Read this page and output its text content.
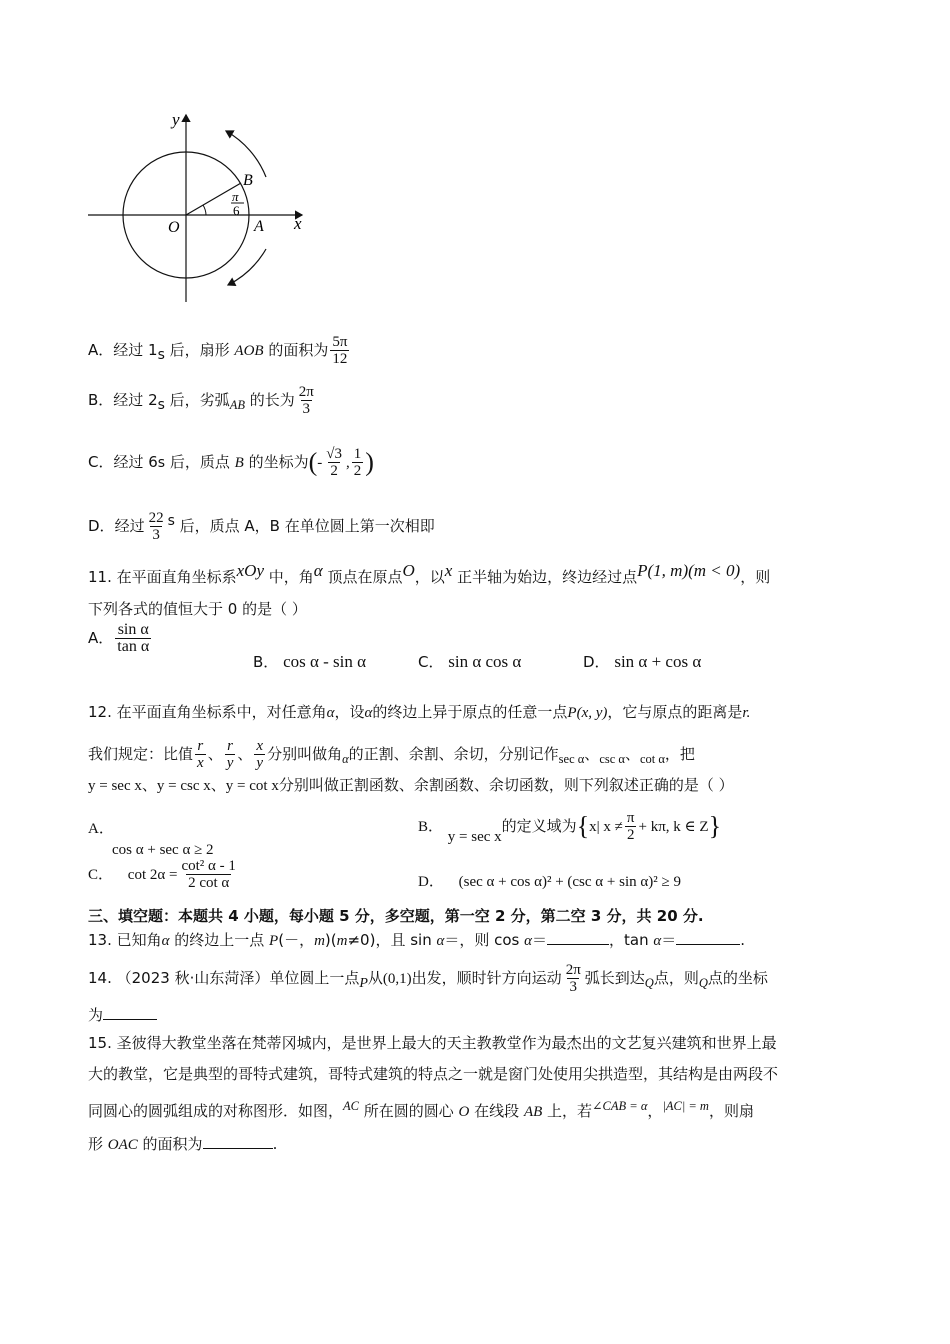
y
x
O	A
B
π
6
A．经过 $1_s$ 后，扇形 AOB 的面积为 $\frac{5\pi}{12}$
B．经过 $2_s$ 后，劣弧$_{AB}$ 的长为 $\frac{2\pi}{3}$
C．经过 6s 后，质点 B 的坐标为(- $\frac{√3}{2}$ , $\frac{1}{2}$ )
D．经过 $\frac{22}{3} ^s$ 后，质点 A，B 在单位圆上第一次相即
11. 在平面直角坐标系$^{xOy}$ 中，角$^\alpha$ 顶点在原点$^O$，以$^x$ 正半轴为始边，终边经过点$^{P(1, m)(m < 0)}$，则
下列各式的值恒大于 0 的是（ ）
A． $\frac{\text{sin α}}{\text{tan α}}$
B． cos α - sin α	C． sin α cos α	D． sin α + cos α
12. 在平面直角坐标系中，对任意角α，设α的终边上异于原点的任意一点P(x, y)，它与原点的距离是r.
我们规定：比值 $\frac{r}{x}$ 、 $\frac{r}{y}$ 、 $\frac{x}{y}$ 分别叫做角$_\alpha$的正割、余割、余切，分别记作$_{sec \alpha}$、$_{csc \alpha}$、$_{cot \alpha}$，把
y = sec x、y = csc x、y = cot x分别叫做正割函数、余割函数、余切函数，则下列叙述正确的是（ ）
A．
cos α + sec α ≥ 2
B． y = sec x的定义域为{x| $x \ne \frac{\pi}{2} + k\pi$, k ∈ Z}
C． $\cot 2\alpha = \frac{\text{cot² α - 1}}{\text{2 cot α}}$	D． (sec α + cos α)² + (csc α + sin α)² ≥ 9
三、填空题：本题共 4 小题，每小题 5 分，多空题，第一空 2 分，第二空 3 分，共 20 分.
13. 已知角α 的终边上一点 P(－，m)(m≠0)，且 sin α＝，则 cos α＝	，tan α＝	.
14. （2023 秋·山东菏泽）单位圆上一点$_P$从(0,1)出发，顺时针方向运动 $\frac{2\pi}{3}$ 弧长到达$_Q$点，则$_Q$点的坐标
为
15. 圣彼得大教堂坐落在梵蒂冈城内，是世界上最大的天主教教堂作为最杰出的文艺复兴建筑和世界上最
大的教堂，它是典型的哥特式建筑，哥特式建筑的特点之一就是窗门处使用尖拱造型，其结构是由两段不
同圆心的圆弧组成的对称图形．如图，$^{AC}$ 所在圆的圆心 O 在线段 AB 上，若$^{\angle CAB = \alpha}$，$^{|AC| = m}$，则扇
形 OAC 的面积为	.
